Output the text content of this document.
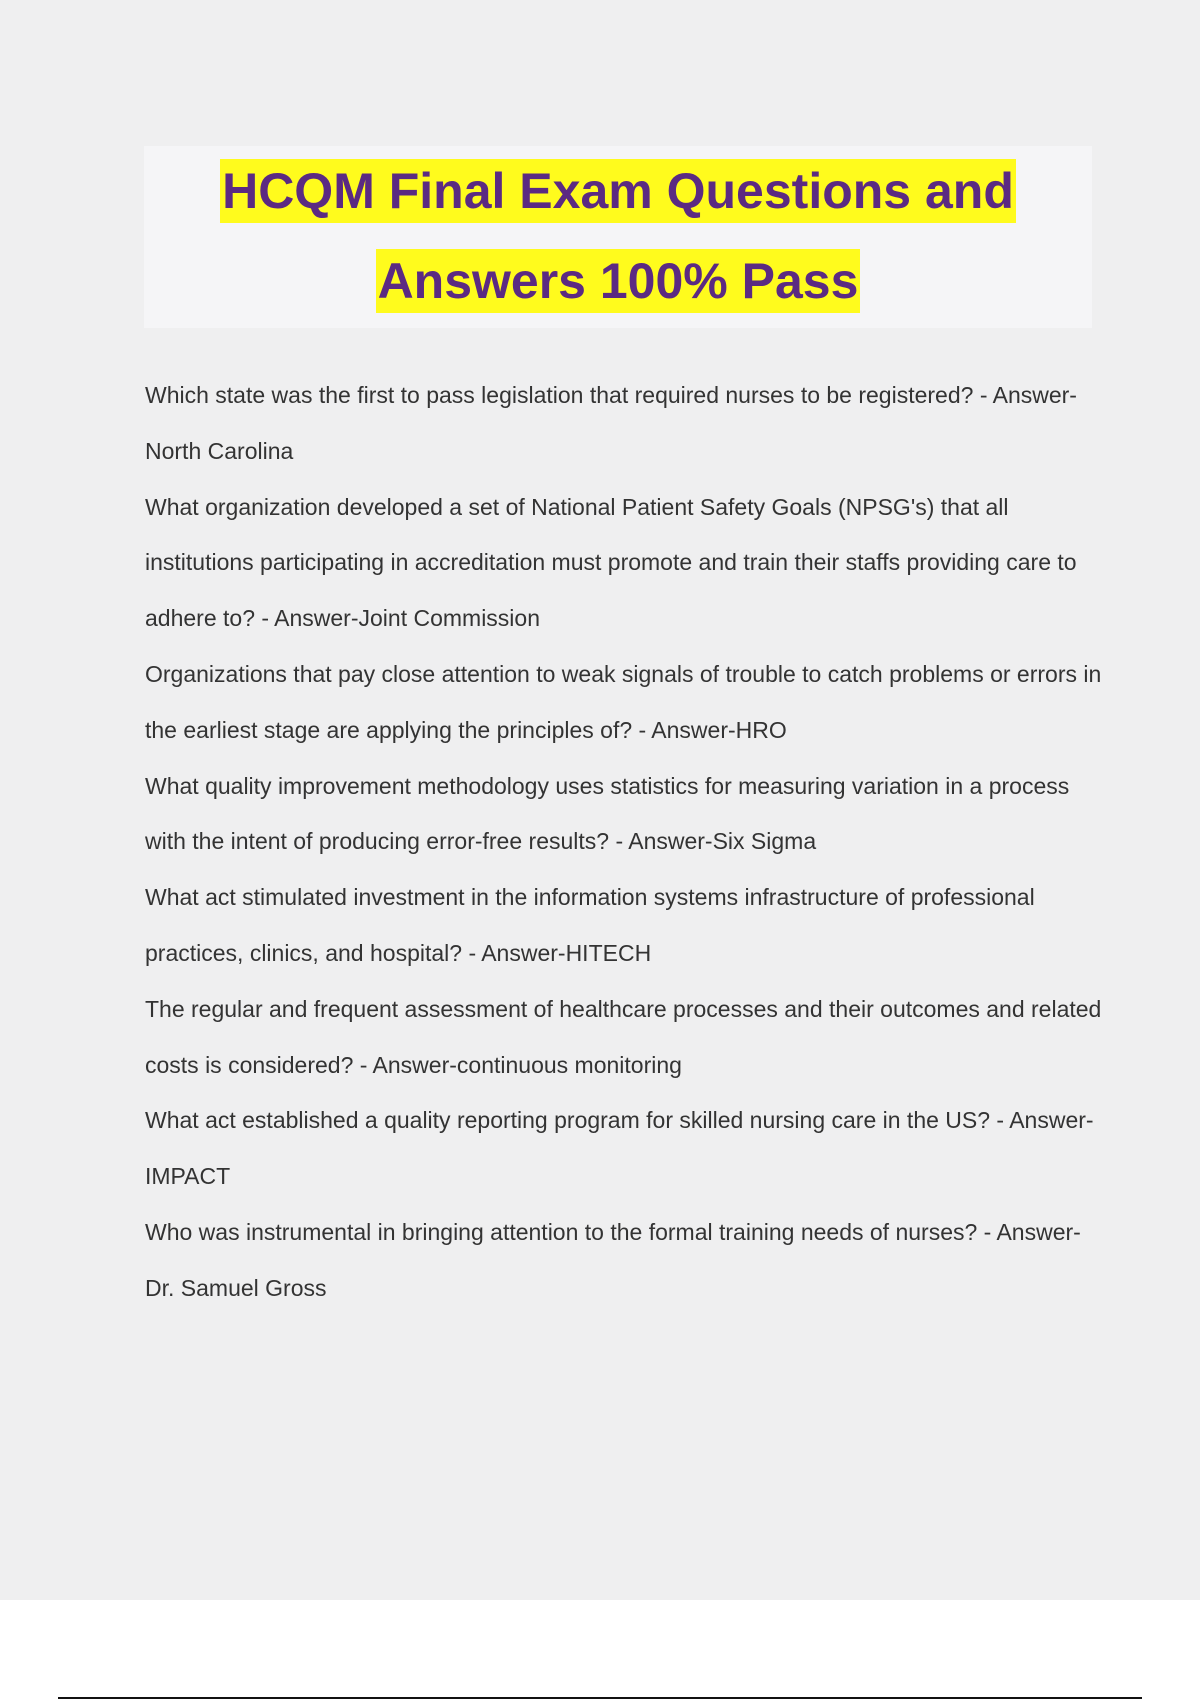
HCQM Final Exam Questions and

Answers 100% Pass

Which state was the first to pass legislation that required nurses to be registered? - Answer-North Carolina
What organization developed a set of National Patient Safety Goals (NPSG's) that all institutions participating in accreditation must promote and train their staffs providing care to adhere to? - Answer-Joint Commission
Organizations that pay close attention to weak signals of trouble to catch problems or errors in the earliest stage are applying the principles of? - Answer-HRO
What quality improvement methodology uses statistics for measuring variation in a process with the intent of producing error-free results? - Answer-Six Sigma
What act stimulated investment in the information systems infrastructure of professional practices, clinics, and hospital? - Answer-HITECH
The regular and frequent assessment of healthcare processes and their outcomes and related costs is considered? - Answer-continuous monitoring
What act established a quality reporting program for skilled nursing care in the US? - Answer-IMPACT
Who was instrumental in bringing attention to the formal training needs of nurses? - Answer-Dr. Samuel Gross
